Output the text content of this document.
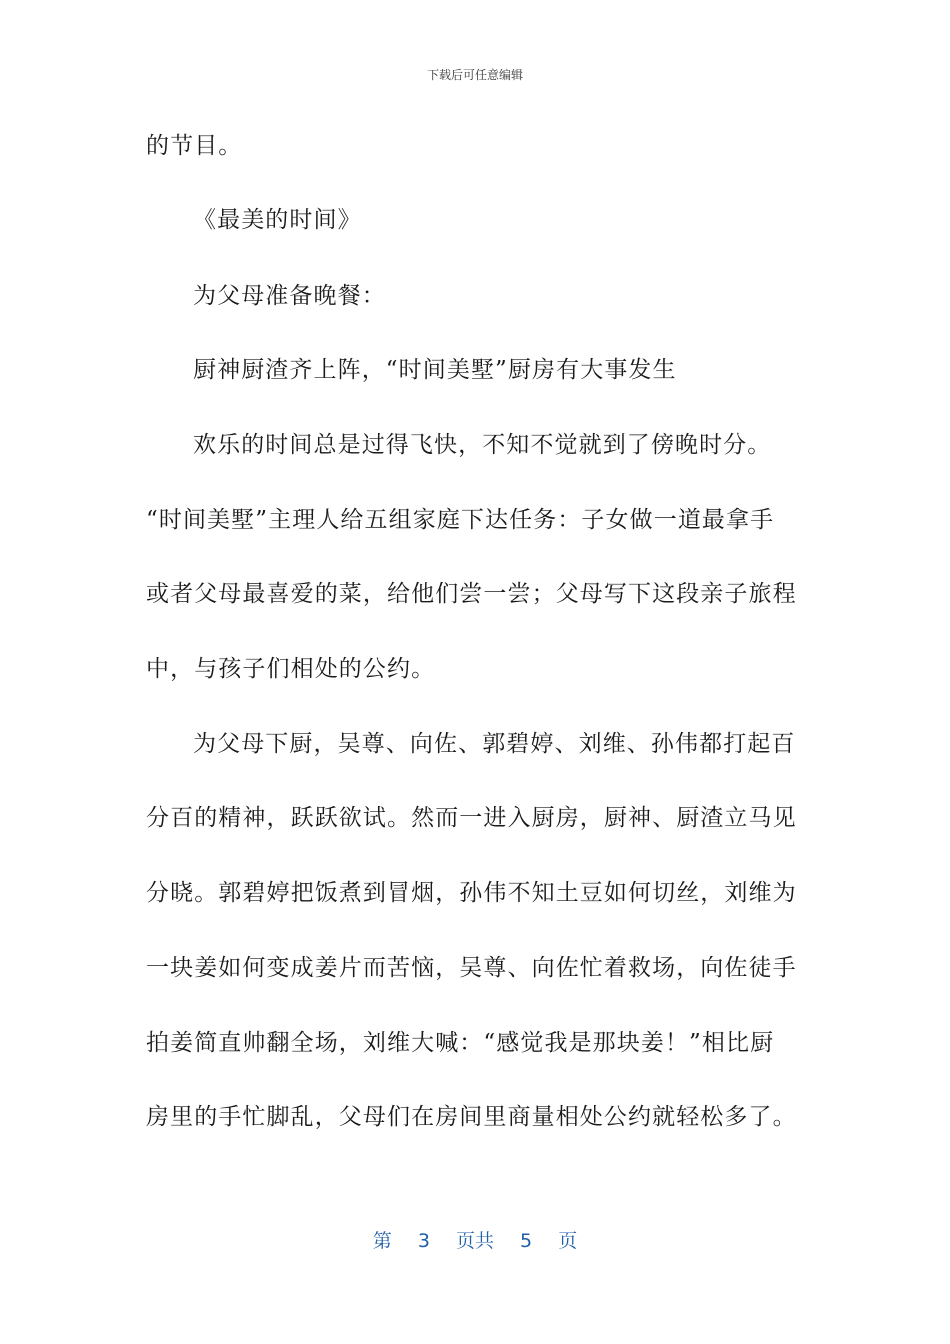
下载后可任意编辑
的节目。
《最美的时间》
为父母准备晚餐：
厨神厨渣齐上阵，“时间美墅”厨房有大事发生
欢乐的时间总是过得飞快，不知不觉就到了傍晚时分。
“时间美墅”主理人给五组家庭下达任务：子女做一道最拿手
或者父母最喜爱的菜，给他们尝一尝；父母写下这段亲子旅程
中，与孩子们相处的公约。
为父母下厨，吴尊、向佐、郭碧婷、刘维、孙伟都打起百
分百的精神，跃跃欲试。然而一进入厨房，厨神、厨渣立马见
分晓。郭碧婷把饭煮到冒烟，孙伟不知土豆如何切丝，刘维为
一块姜如何变成姜片而苦恼，吴尊、向佐忙着救场，向佐徒手
拍姜简直帅翻全场，刘维大喊：“感觉我是那块姜！”相比厨
房里的手忙脚乱，父母们在房间里商量相处公约就轻松多了。
第 3 页共 5 页
